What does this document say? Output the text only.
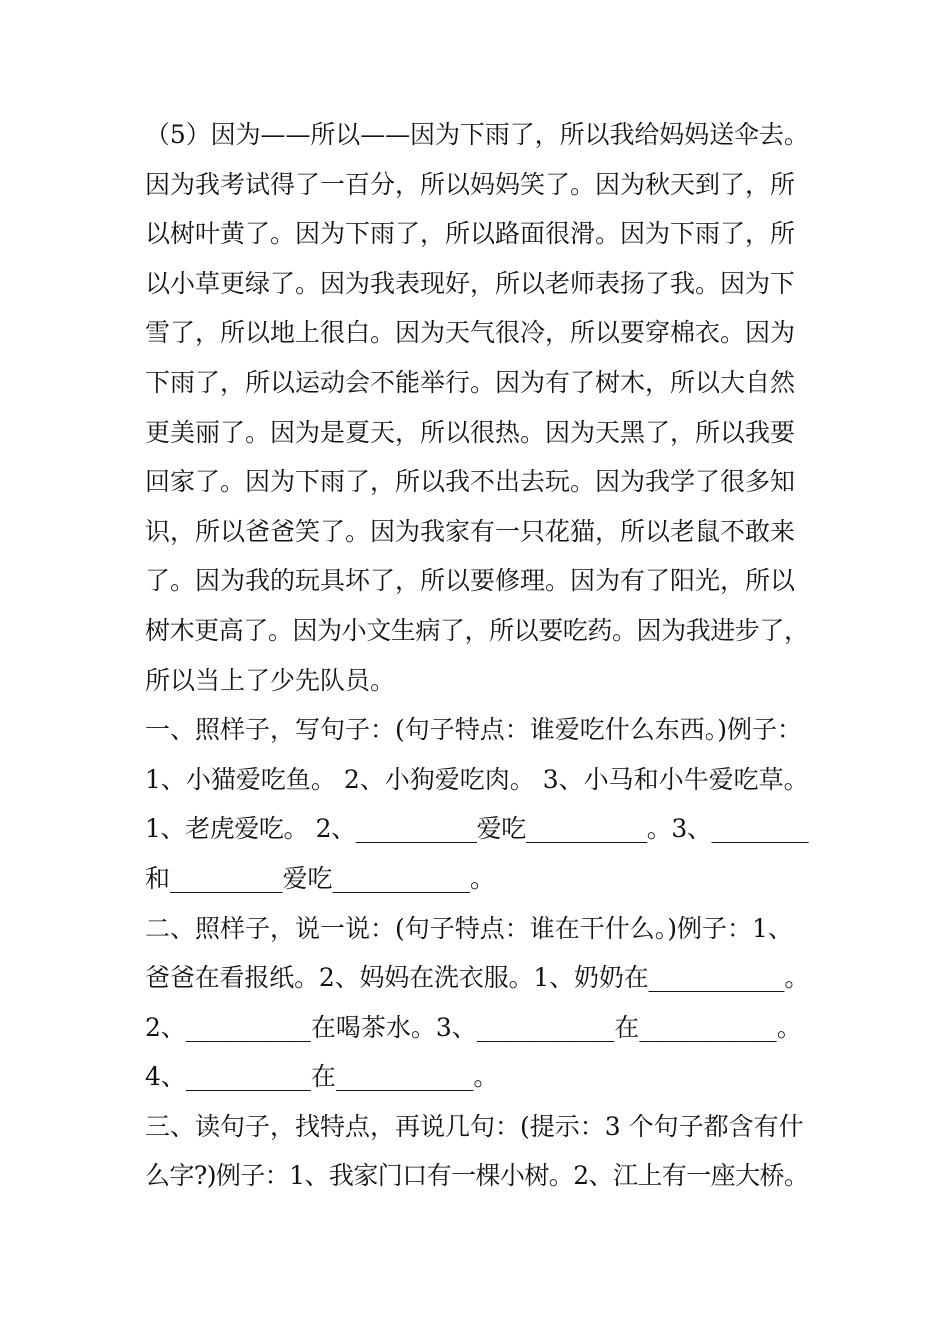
（5）因为——所以——因为下雨了，所以我给妈妈送伞去。
因为我考试得了一百分，所以妈妈笑了。因为秋天到了，所
以树叶黄了。因为下雨了，所以路面很滑。因为下雨了，所
以小草更绿了。因为我表现好，所以老师表扬了我。因为下
雪了，所以地上很白。因为天气很冷，所以要穿棉衣。因为
下雨了，所以运动会不能举行。因为有了树木，所以大自然
更美丽了。因为是夏天，所以很热。因为天黑了，所以我要
回家了。因为下雨了，所以我不出去玩。因为我学了很多知
识，所以爸爸笑了。因为我家有一只花猫，所以老鼠不敢来
了。因为我的玩具坏了，所以要修理。因为有了阳光，所以
树木更高了。因为小文生病了，所以要吃药。因为我进步了，
所以当上了少先队员。
一、照样子，写句子：(句子特点：谁爱吃什么东西。)例子：
1、小猫爱吃鱼。 2、小狗爱吃肉。 3、小马和小牛爱吃草。
1、老虎爱吃。 2、__________爱吃__________。3、________
和_________爱吃___________。
二、照样子，说一说：(句子特点：谁在干什么。)例子：1、
爸爸在看报纸。2、妈妈在洗衣服。1、奶奶在___________。
2、__________在喝茶水。3、___________在___________。
4、__________在___________。
三、读句子，找特点，再说几句：(提示：3 个句子都含有什
么字?)例子：1、我家门口有一棵小树。2、江上有一座大桥。
